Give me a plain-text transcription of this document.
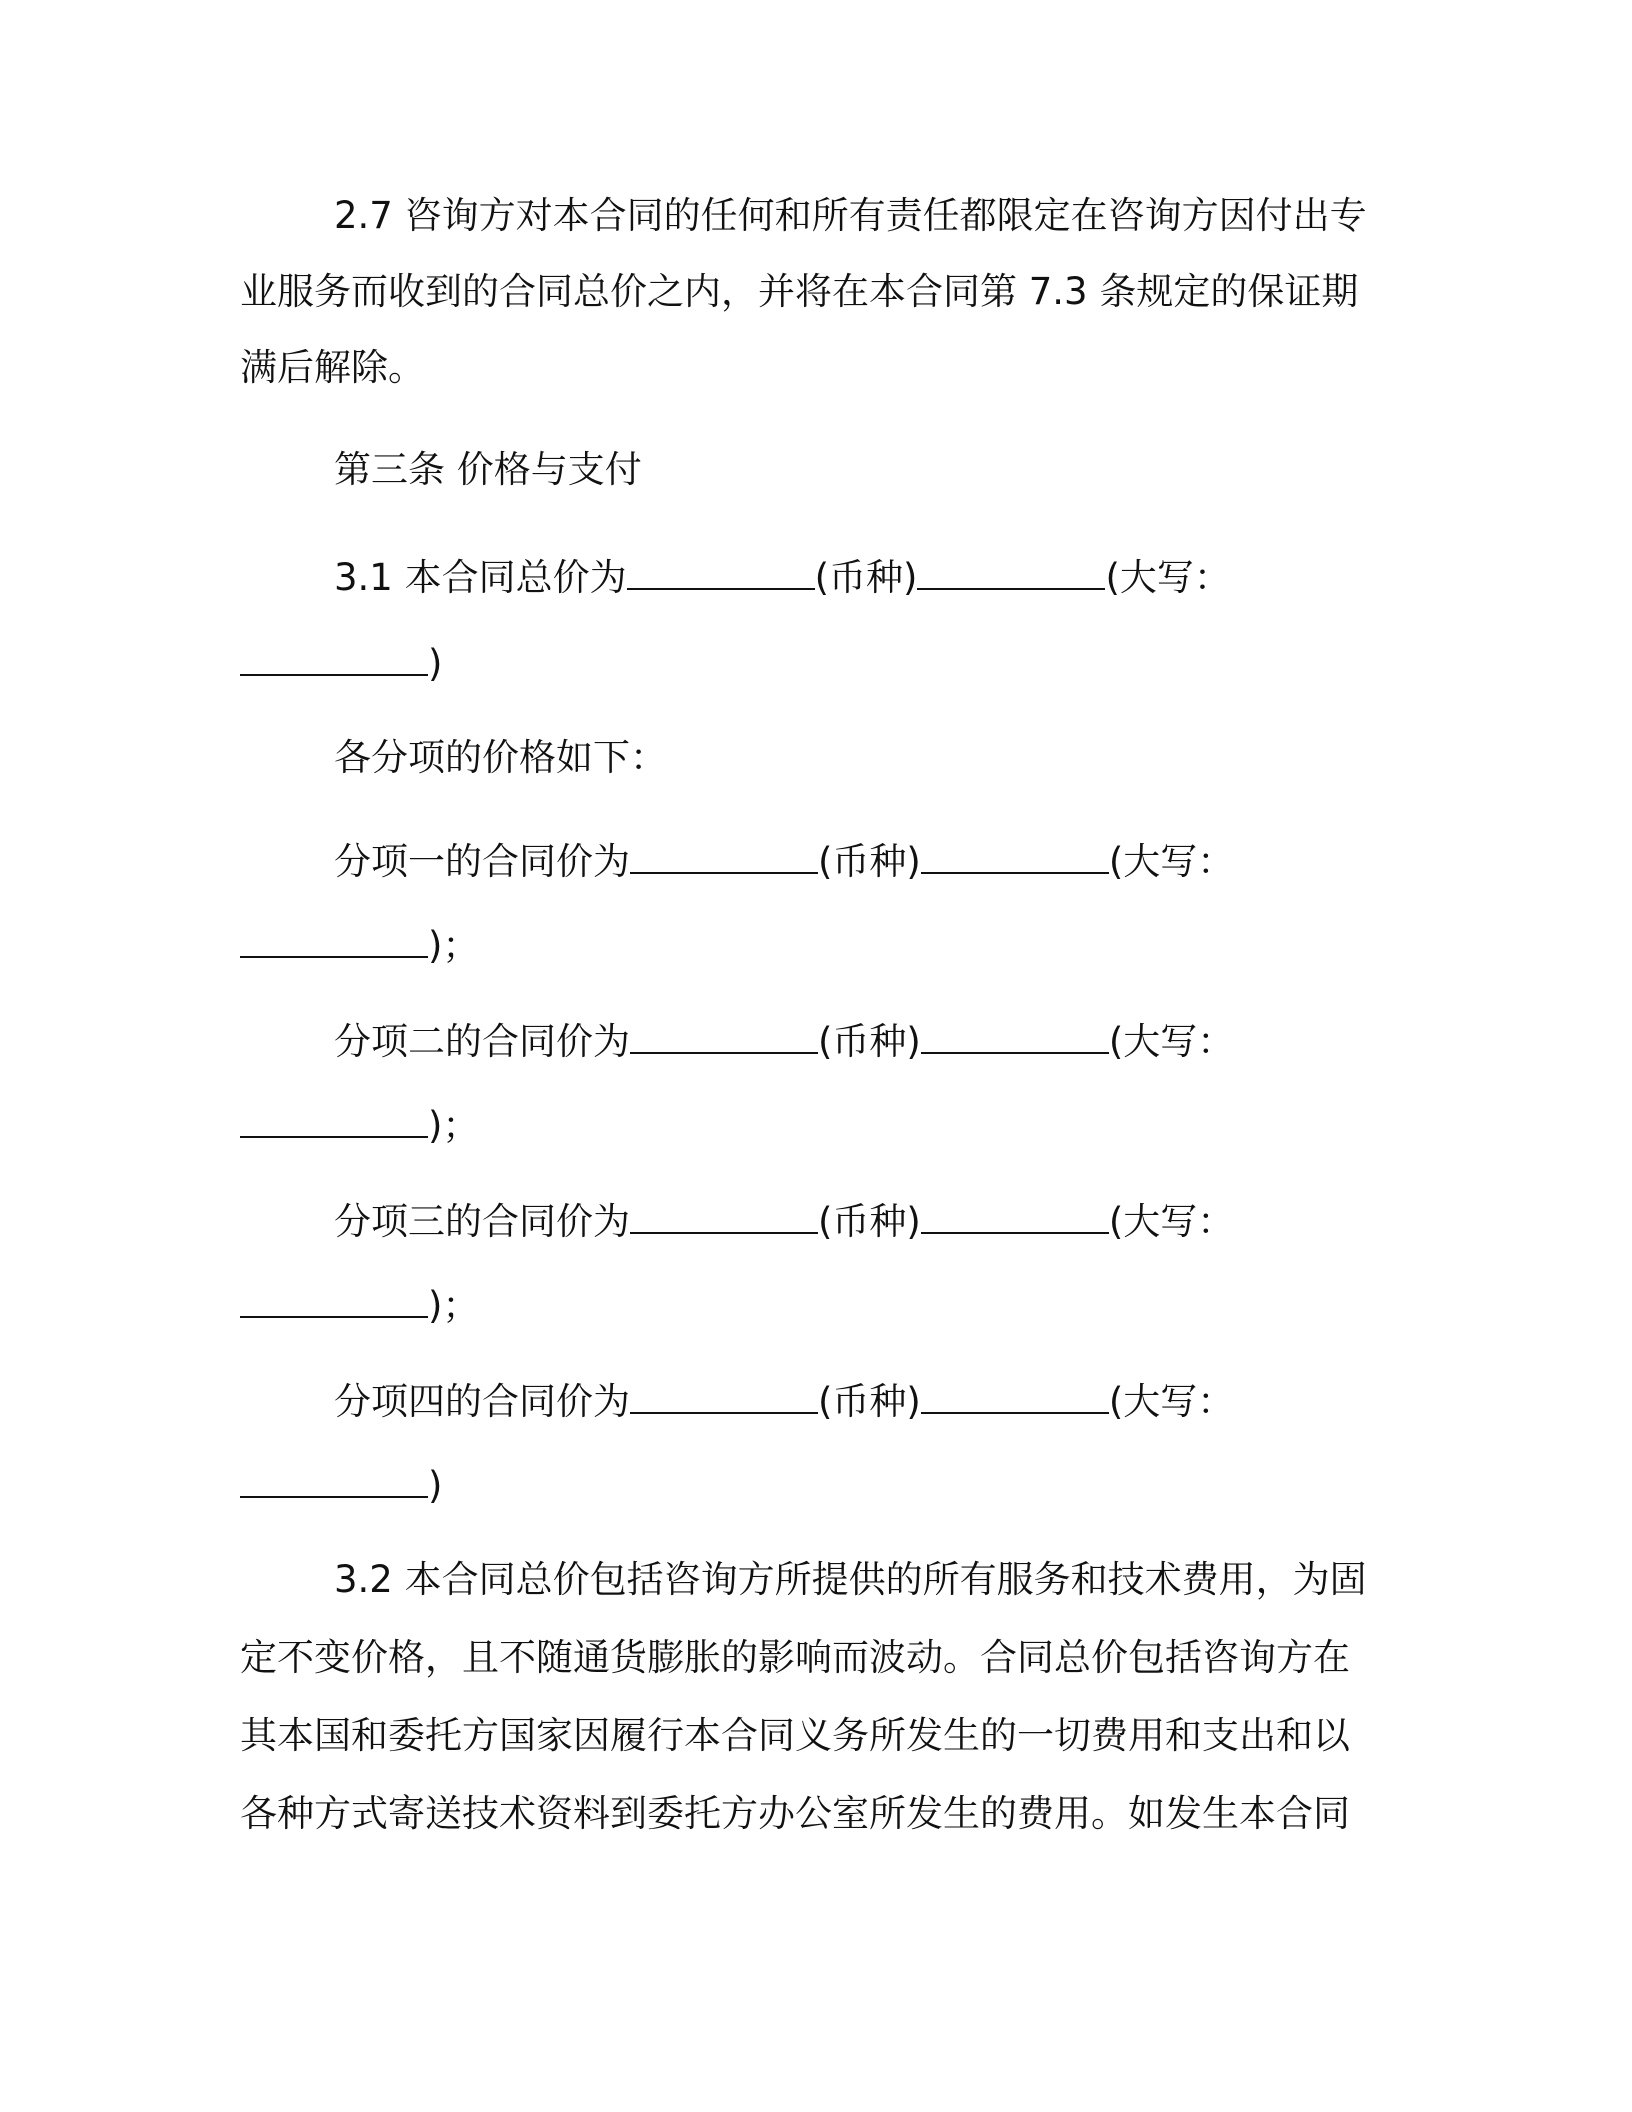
2.7 咨询方对本合同的任何和所有责任都限定在咨询方因付出专
业服务而收到的合同总价之内，并将在本合同第 7.3 条规定的保证期
满后解除。
第三条 价格与支付
3.1 本合同总价为	(币种)	(大写：
)
各分项的价格如下：
分项一的合同价为	(币种)	(大写：
)；
分项二的合同价为	(币种)	(大写：
)；
分项三的合同价为	(币种)	(大写：
)；
分项四的合同价为	(币种)	(大写：
)
3.2 本合同总价包括咨询方所提供的所有服务和技术费用，为固
定不变价格，且不随通货膨胀的影响而波动。合同总价包括咨询方在
其本国和委托方国家因履行本合同义务所发生的一切费用和支出和以
各种方式寄送技术资料到委托方办公室所发生的费用。如发生本合同
